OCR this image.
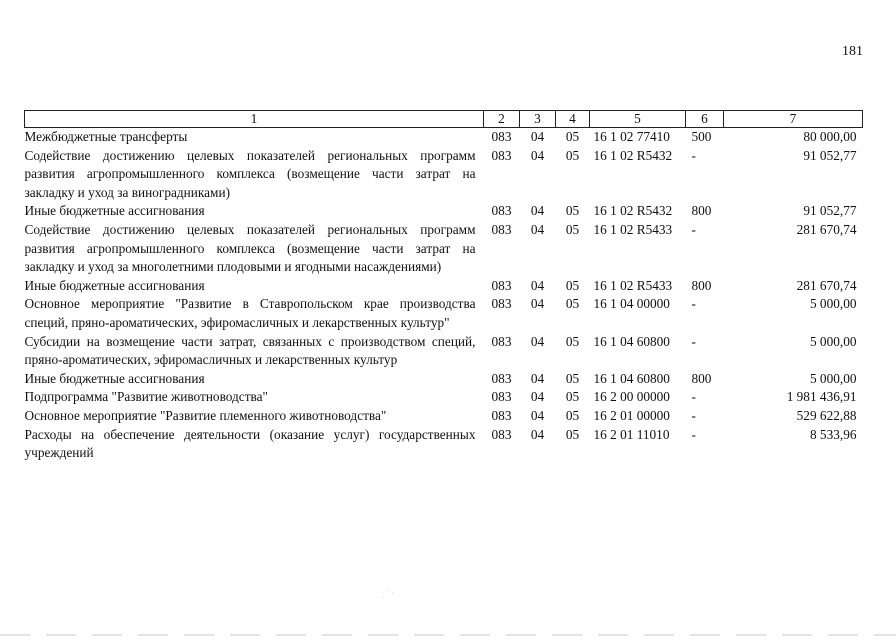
181
1	2	3	4	5	6	7
Межбюджетные трансферты	083	04	05	16 1 02 77410	500	80 000,00
Содействие достижению целевых показателей региональных программ развития агропромышленного комплекса (возмещение части затрат на закладку и уход за виноградниками)	083	04	05	16 1 02 R5432	-	91 052,77
Иные бюджетные ассигнования	083	04	05	16 1 02 R5432	800	91 052,77
Содействие достижению целевых показателей региональных программ развития агропромышленного комплекса (возмещение части затрат на закладку и уход за многолетними плодовыми и ягодными насаждениями)	083	04	05	16 1 02 R5433	-	281 670,74
Иные бюджетные ассигнования	083	04	05	16 1 02 R5433	800	281 670,74
Основное мероприятие "Развитие в Ставропольском крае производства специй, пряно-ароматических, эфиромасличных и лекарственных культур"	083	04	05	16 1 04 00000	-	5 000,00
Субсидии на возмещение части затрат, связанных с производством специй, пряно-ароматических, эфиромасличных и лекарственных культур	083	04	05	16 1 04 60800	-	5 000,00
Иные бюджетные ассигнования	083	04	05	16 1 04 60800	800	5 000,00
Подпрограмма "Развитие животноводства"	083	04	05	16 2 00 00000	-	1 981 436,91
Основное мероприятие "Развитие племенного животноводства"	083	04	05	16 2 01 00000	-	529 622,88
Расходы на обеспечение деятельности (оказание услуг) государственных учреждений	083	04	05	16 2 01 11010	-	8 533,96
·˙ ˙·
